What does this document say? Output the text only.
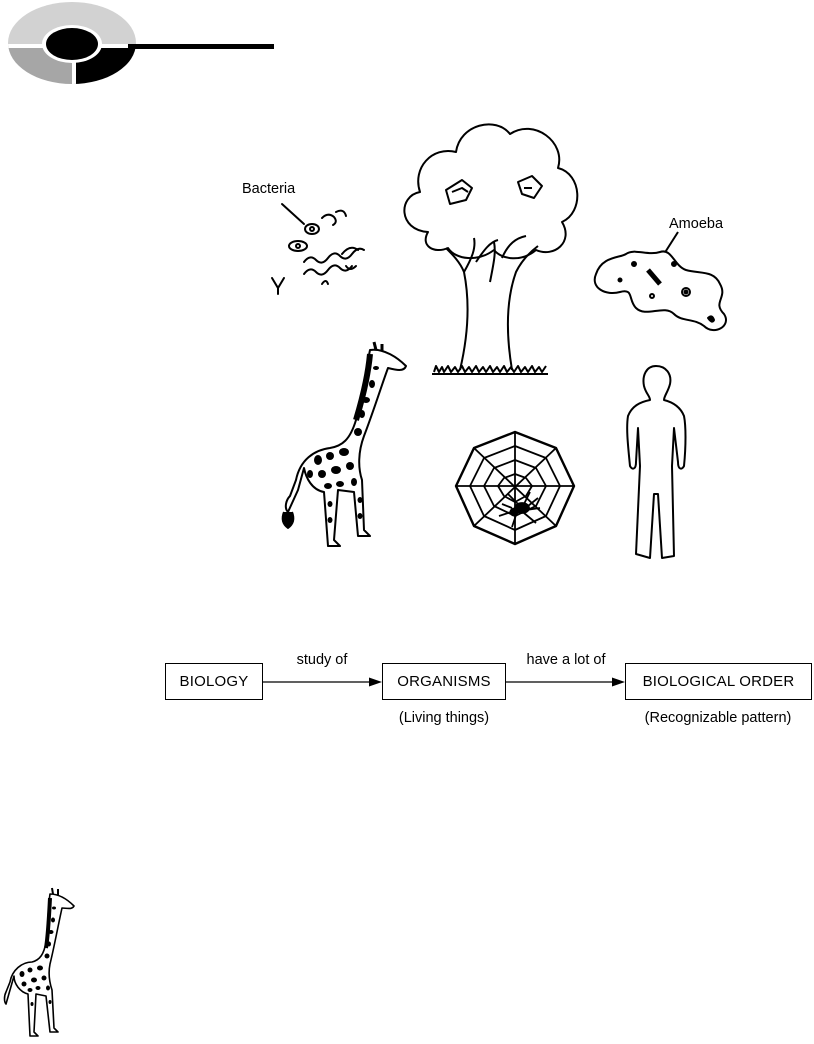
Bacteria
Amoeba
BIOLOGY	ORGANISMS	BIOLOGICAL ORDER
study of	have a lot of
(Living things)	(Recognizable pattern)
